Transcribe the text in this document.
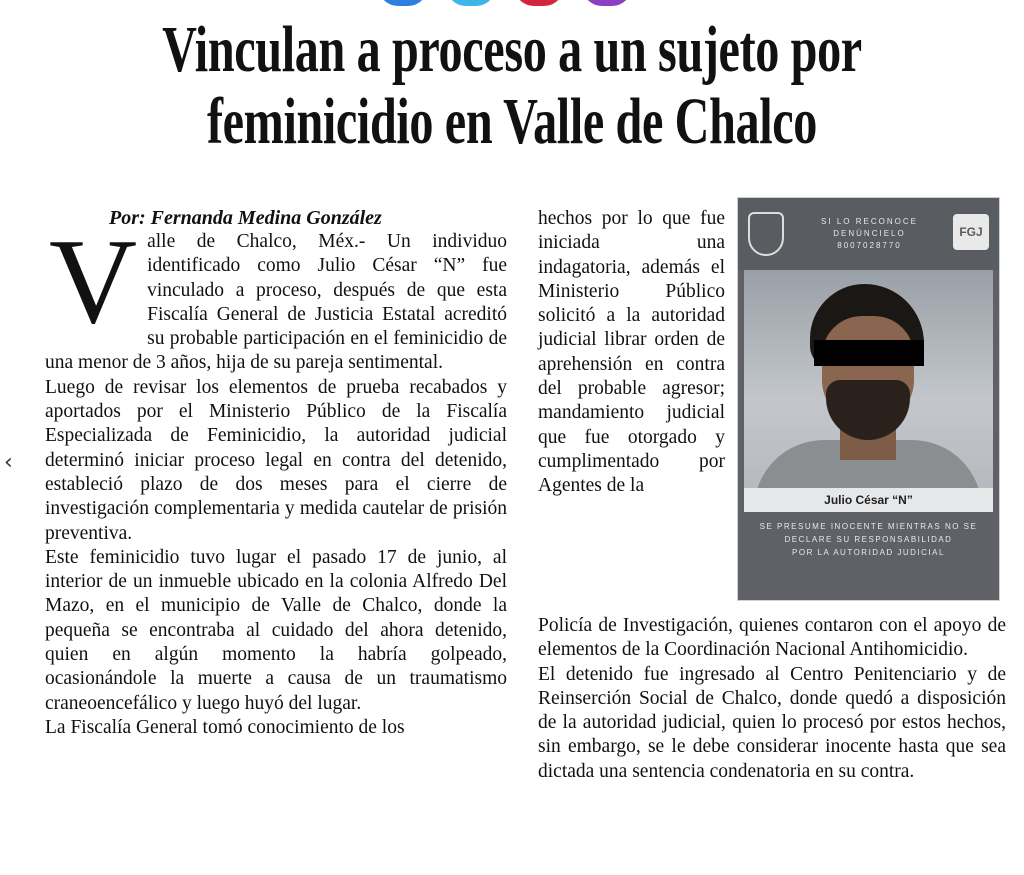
Vinculan a proceso a un sujeto por
feminicidio en Valle de Chalco
‹

Por: Fernanda Medina González

Valle de Chalco, Méx.- Un individuo identificado como Julio César “N” fue vinculado a proceso, después de que esta Fiscalía General de Justicia Estatal acreditó su probable participación en el feminicidio de una menor de 3 años, hija de su pareja sentimental.

Luego de revisar los elementos de prueba recabados y aportados por el Ministerio Público de la Fiscalía Especializada de Feminicidio, la autoridad judicial determinó iniciar proceso legal en contra del detenido, estableció plazo de dos meses para el cierre de investigación complementaria y medida cautelar de prisión preventiva.

Este feminicidio tuvo lugar el pasado 17 de junio, al interior de un inmueble ubicado en la colonia Alfredo Del Mazo, en el municipio de Valle de Chalco, donde la pequeña se encontraba al cuidado del ahora detenido, quien en algún momento la habría golpeado, ocasionándole la muerte a causa de un traumatismo craneoencefálico y luego huyó del lugar.

La Fiscalía General tomó conocimiento de los

hechos por lo que fue iniciada una indagatoria, además el Ministerio Público solicitó a la autoridad judicial librar orden de aprehensión en contra del probable agresor; mandamiento judicial que fue otorgado y cumplimentado por Agentes de la

SI LO RECONOCE
DENÚNCIELO
8007028770
FGJ
Julio César “N”
SE PRESUME INOCENTE MIENTRAS NO SE
DECLARE SU RESPONSABILIDAD
POR LA AUTORIDAD JUDICIAL

Policía de Investigación, quienes contaron con el apoyo de elementos de la Coordinación Nacional Antihomicidio.

El detenido fue ingresado al Centro Penitenciario y de Reinserción Social de Chalco, donde quedó a disposición de la autoridad judicial, quien lo procesó por estos hechos, sin embargo, se le debe considerar inocente hasta que sea dictada una sentencia condenatoria en su contra.
